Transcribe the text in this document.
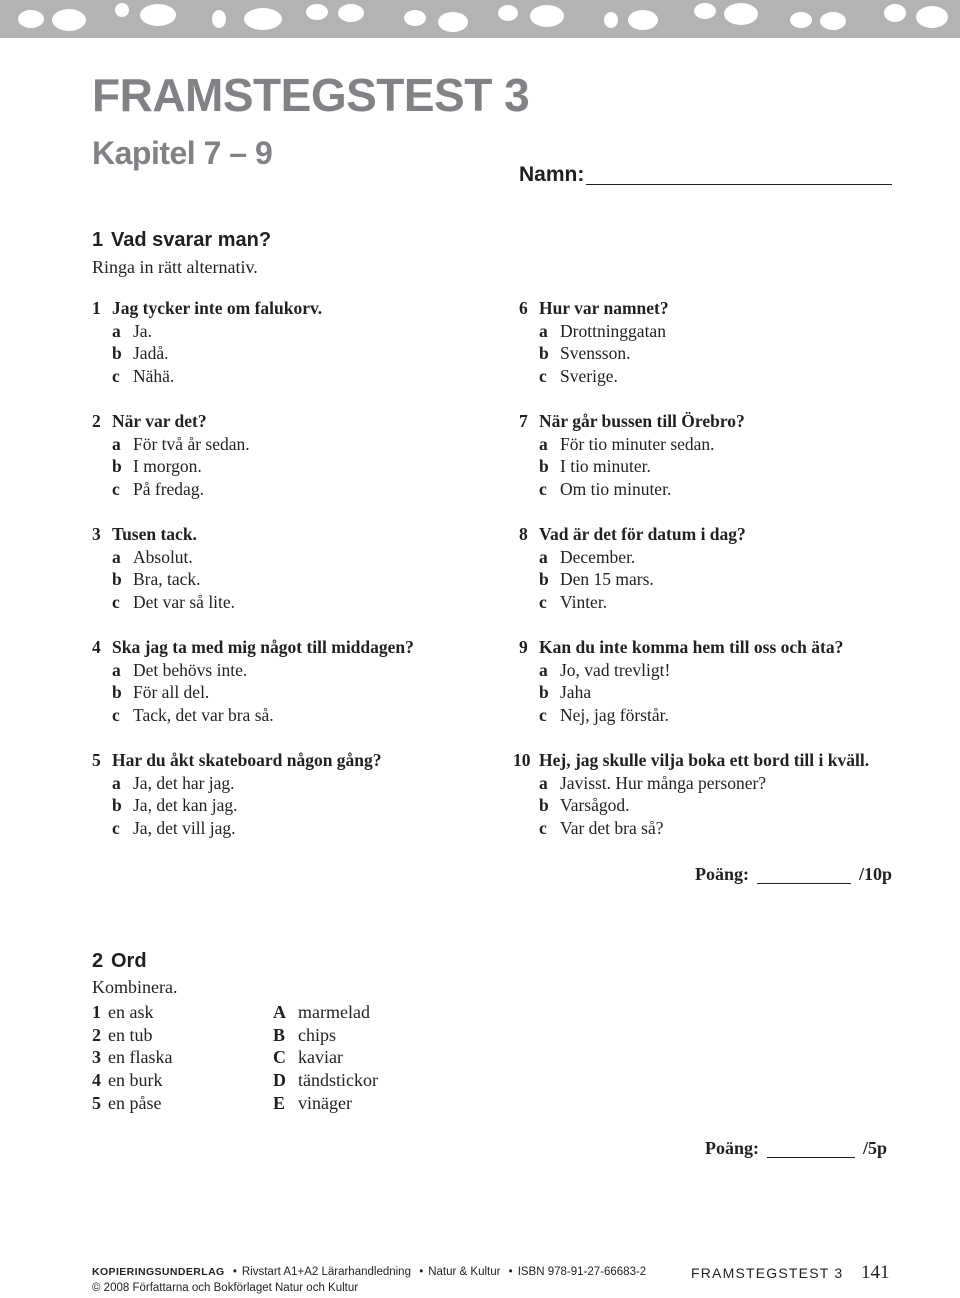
FRAMSTEGSTEST 3
Kapitel 7 – 9
Namn:
1 Vad svarar man?
Ringa in rätt alternativ.
Poäng:	/10p
2 Ord
Kombinera.
1 en ask
2 en tub
3 en flaska
4 en burk
5 en påse
A marmelad
B chips
C kaviar
D tändstickor
E vinäger
Poäng:	/5p
KOPIERINGSUNDERLAG • Rivstart A1+A2 Lärarhandledning • Natur & Kultur • ISBN 978-91-27-66683-2
© 2008 Författarna och Bokförlaget Natur och Kultur
FRAMSTEGSTEST 3 141
1 Jag tycker inte om falukorv.
a Ja.
b Jadå.
c Nähä.
2 När var det?
a För två år sedan.
b I morgon.
c På fredag.
3 Tusen tack.
a Absolut.
b Bra, tack.
c Det var så lite.
4 Ska jag ta med mig något till middagen?
a Det behövs inte.
b För all del.
c Tack, det var bra så.
5 Har du åkt skateboard någon gång?
a Ja, det har jag.
b Ja, det kan jag.
c Ja, det vill jag.
6 Hur var namnet?
a Drottninggatan
b Svensson.
c Sverige.
7 När går bussen till Örebro?
a För tio minuter sedan.
b I tio minuter.
c Om tio minuter.
8 Vad är det för datum i dag?
a December.
b Den 15 mars.
c Vinter.
9 Kan du inte komma hem till oss och äta?
a Jo, vad trevligt!
b Jaha
c Nej, jag förstår.
10 Hej, jag skulle vilja boka ett bord till i kväll.
a Javisst. Hur många personer?
b Varsågod.
c Var det bra så?
